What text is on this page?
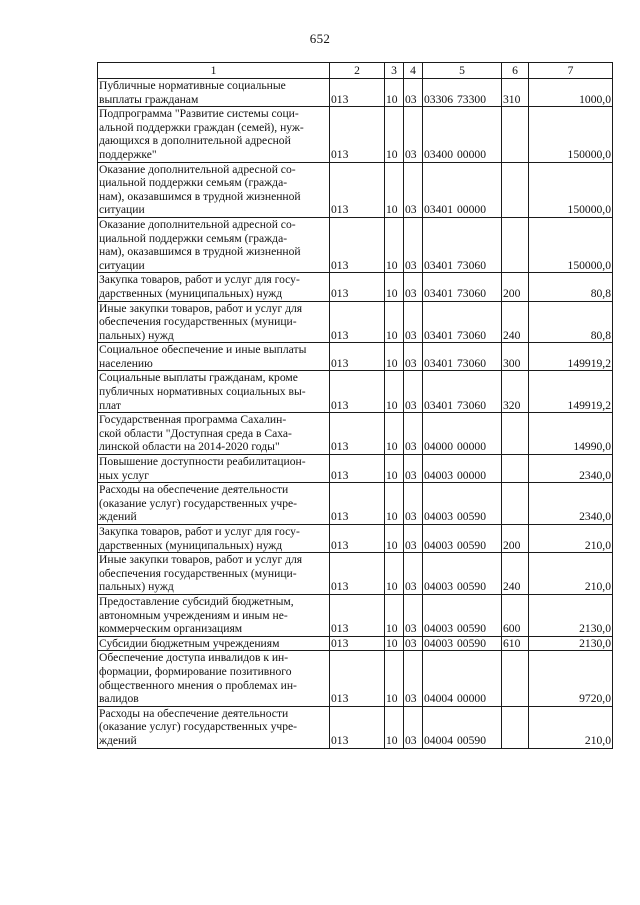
652
1	2	3	4	5	6	7

Публичные нормативные социальные
выплаты гражданам	013	10	03	03306 73300	310	1000,0

Подпрограмма "Развитие системы соци-
альной поддержки граждан (семей), нуж-
дающихся в дополнительной адресной
поддержке"	013	10	03	03400 00000		150000,0

Оказание дополнительной адресной со-
циальной поддержки семьям (гражда-
нам), оказавшимся в трудной жизненной
ситуации	013	10	03	03401 00000		150000,0

Оказание дополнительной адресной со-
циальной поддержки семьям (гражда-
нам), оказавшимся в трудной жизненной
ситуации	013	10	03	03401 73060		150000,0

Закупка товаров, работ и услуг для госу-
дарственных (муниципальных) нужд	013	10	03	03401 73060	200	80,8

Иные закупки товаров, работ и услуг для
обеспечения государственных (муници-
пальных) нужд	013	10	03	03401 73060	240	80,8

Социальное обеспечение и иные выплаты
населению	013	10	03	03401 73060	300	149919,2

Социальные выплаты гражданам, кроме
публичных нормативных социальных вы-
плат	013	10	03	03401 73060	320	149919,2

Государственная программа Сахалин-
ской области "Доступная среда в Саха-
линской области на 2014-2020 годы"	013	10	03	04000 00000		14990,0

Повышение доступности реабилитацион-
ных услуг	013	10	03	04003 00000		2340,0

Расходы на обеспечение деятельности
(оказание услуг) государственных учре-
ждений	013	10	03	04003 00590		2340,0

Закупка товаров, работ и услуг для госу-
дарственных (муниципальных) нужд	013	10	03	04003 00590	200	210,0

Иные закупки товаров, работ и услуг для
обеспечения государственных (муници-
пальных) нужд	013	10	03	04003 00590	240	210,0

Предоставление субсидий бюджетным,
автономным учреждениям и иным не-
коммерческим организациям	013	10	03	04003 00590	600	2130,0

Субсидии бюджетным учреждениям	013	10	03	04003 00590	610	2130,0

Обеспечение доступа инвалидов к ин-
формации, формирование позитивного
общественного мнения о проблемах ин-
валидов	013	10	03	04004 00000		9720,0

Расходы на обеспечение деятельности
(оказание услуг) государственных учре-
ждений	013	10	03	04004 00590		210,0
